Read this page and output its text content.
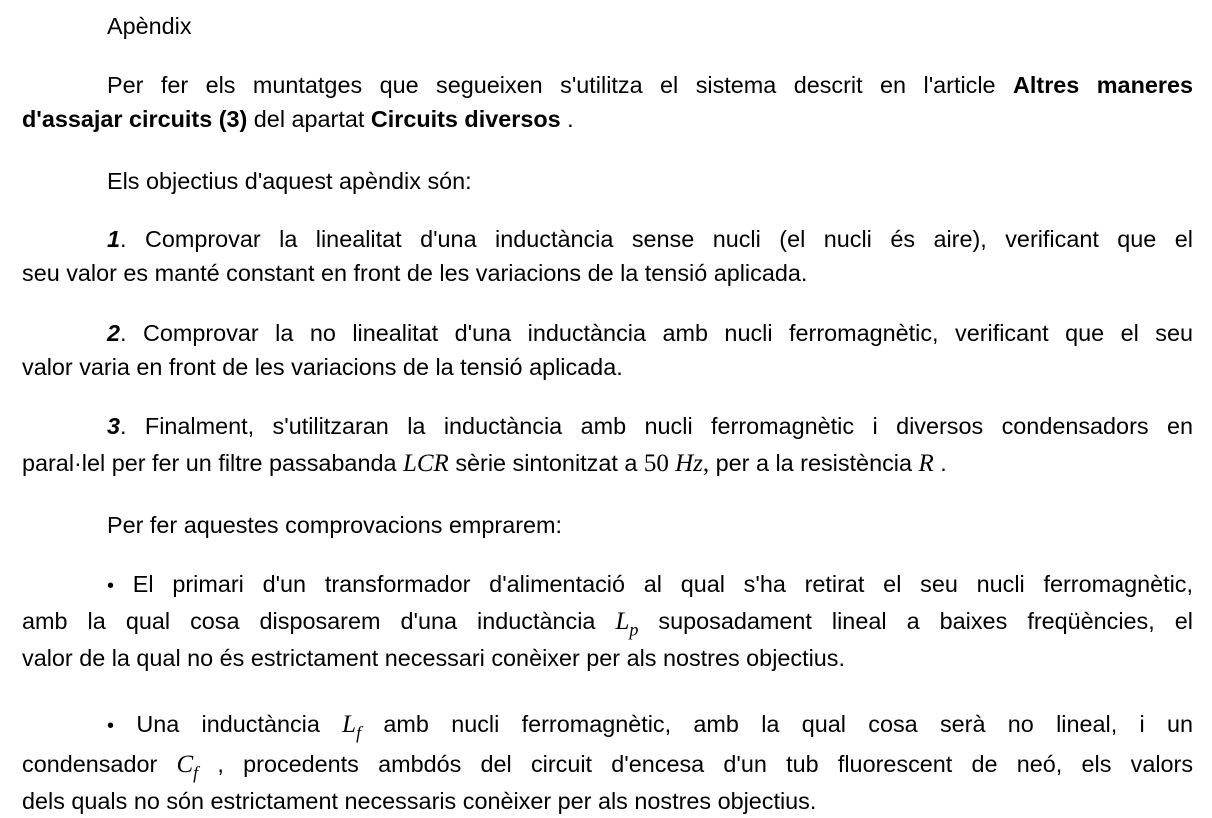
Apèndix
Per fer els muntatges que segueixen s'utilitza el sistema descrit en l'article Altres maneres
d'assajar circuits (3) del apartat Circuits diversos .
Els objectius d'aquest apèndix són:
1. Comprovar la linealitat d'una inductància sense nucli (el nucli és aire), verificant que el
seu valor es manté constant en front de les variacions de la tensió aplicada.
2. Comprovar la no linealitat d'una inductància amb nucli ferromagnètic, verificant que el seu
valor varia en front de les variacions de la tensió aplicada.
3. Finalment, s'utilitzaran la inductància amb nucli ferromagnètic i diversos condensadors en
paral·lel per fer un filtre passabanda LCR sèrie sintonitzat a 50 Hz, per a la resistència R .
Per fer aquestes comprovacions emprarem:
• El primari d'un transformador d'alimentació al qual s'ha retirat el seu nucli ferromagnètic,
amb la qual cosa disposarem d'una inductància $L_p$ suposadament lineal a baixes freqüències, el
valor de la qual no és estrictament necessari conèixer per als nostres objectius.
• Una inductància $L_f$ amb nucli ferromagnètic, amb la qual cosa serà no lineal, i un
condensador $C_f$ , procedents ambdós del circuit d'encesa d'un tub fluorescent de neó, els valors
dels quals no són estrictament necessaris conèixer per als nostres objectius.
